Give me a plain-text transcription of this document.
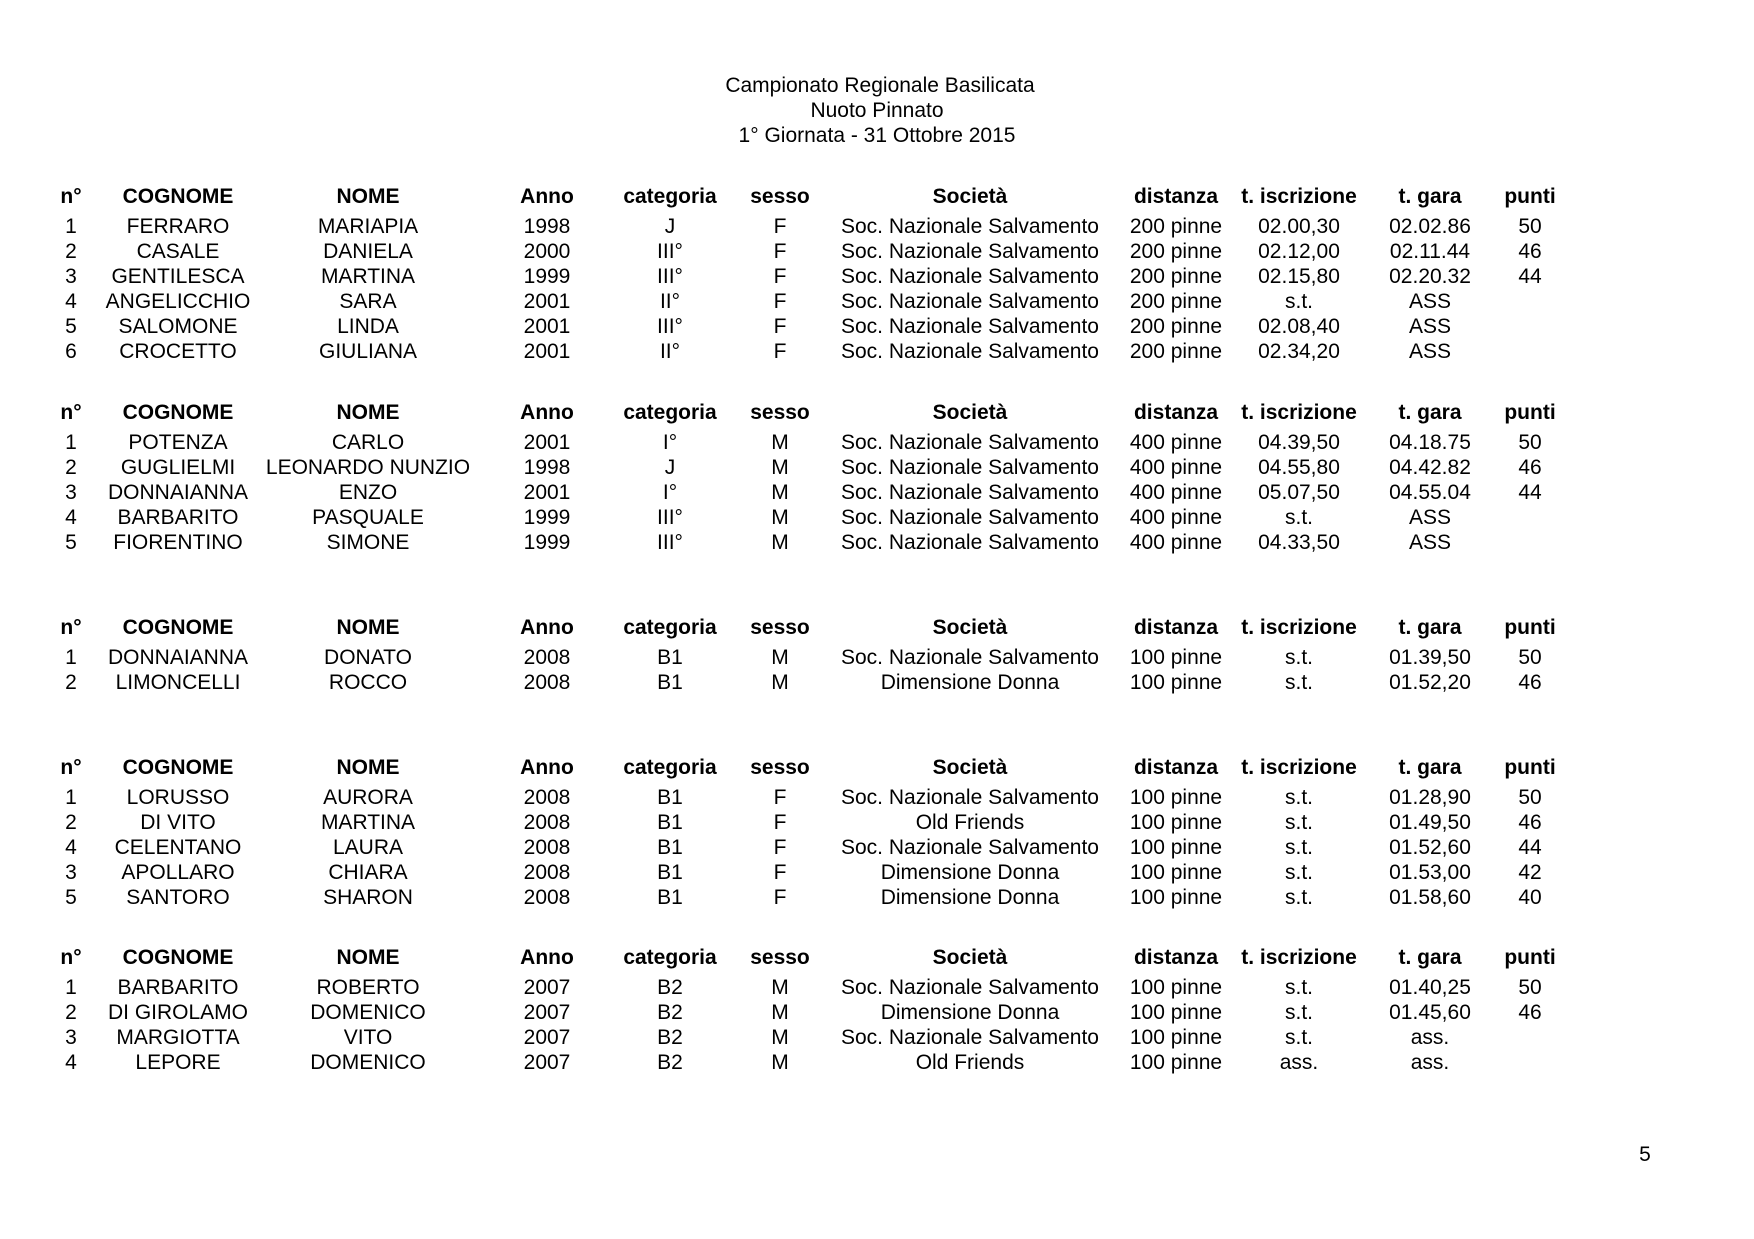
Campionato Regionale Basilicata
Nuoto Pinnato
1° Giornata - 31 Ottobre 2015
n°	COGNOME	NOME	Anno	categoria	sesso	Società	distanza	t. iscrizione	t. gara	punti
1	FERRARO	MARIAPIA	1998	J	F	Soc. Nazionale Salvamento	200 pinne	02.00,30	02.02.86	50
2	CASALE	DANIELA	2000	III°	F	Soc. Nazionale Salvamento	200 pinne	02.12,00	02.11.44	46
3	GENTILESCA	MARTINA	1999	III°	F	Soc. Nazionale Salvamento	200 pinne	02.15,80	02.20.32	44
4	ANGELICCHIO	SARA	2001	II°	F	Soc. Nazionale Salvamento	200 pinne	s.t.	ASS
5	SALOMONE	LINDA	2001	III°	F	Soc. Nazionale Salvamento	200 pinne	02.08,40	ASS
6	CROCETTO	GIULIANA	2001	II°	F	Soc. Nazionale Salvamento	200 pinne	02.34,20	ASS
n°	COGNOME	NOME	Anno	categoria	sesso	Società	distanza	t. iscrizione	t. gara	punti
1	POTENZA	CARLO	2001	I°	M	Soc. Nazionale Salvamento	400 pinne	04.39,50	04.18.75	50
2	GUGLIELMI	LEONARDO NUNZIO	1998	J	M	Soc. Nazionale Salvamento	400 pinne	04.55,80	04.42.82	46
3	DONNAIANNA	ENZO	2001	I°	M	Soc. Nazionale Salvamento	400 pinne	05.07,50	04.55.04	44
4	BARBARITO	PASQUALE	1999	III°	M	Soc. Nazionale Salvamento	400 pinne	s.t.	ASS
5	FIORENTINO	SIMONE	1999	III°	M	Soc. Nazionale Salvamento	400 pinne	04.33,50	ASS
n°	COGNOME	NOME	Anno	categoria	sesso	Società	distanza	t. iscrizione	t. gara	punti
1	DONNAIANNA	DONATO	2008	B1	M	Soc. Nazionale Salvamento	100 pinne	s.t.	01.39,50	50
2	LIMONCELLI	ROCCO	2008	B1	M	Dimensione Donna	100 pinne	s.t.	01.52,20	46
n°	COGNOME	NOME	Anno	categoria	sesso	Società	distanza	t. iscrizione	t. gara	punti
1	LORUSSO	AURORA	2008	B1	F	Soc. Nazionale Salvamento	100 pinne	s.t.	01.28,90	50
2	DI VITO	MARTINA	2008	B1	F	Old Friends	100 pinne	s.t.	01.49,50	46
4	CELENTANO	LAURA	2008	B1	F	Soc. Nazionale Salvamento	100 pinne	s.t.	01.52,60	44
3	APOLLARO	CHIARA	2008	B1	F	Dimensione Donna	100 pinne	s.t.	01.53,00	42
5	SANTORO	SHARON	2008	B1	F	Dimensione Donna	100 pinne	s.t.	01.58,60	40
n°	COGNOME	NOME	Anno	categoria	sesso	Società	distanza	t. iscrizione	t. gara	punti
1	BARBARITO	ROBERTO	2007	B2	M	Soc. Nazionale Salvamento	100 pinne	s.t.	01.40,25	50
2	DI GIROLAMO	DOMENICO	2007	B2	M	Dimensione Donna	100 pinne	s.t.	01.45,60	46
3	MARGIOTTA	VITO	2007	B2	M	Soc. Nazionale Salvamento	100 pinne	s.t.	ass.
4	LEPORE	DOMENICO	2007	B2	M	Old Friends	100 pinne	ass.	ass.
5
